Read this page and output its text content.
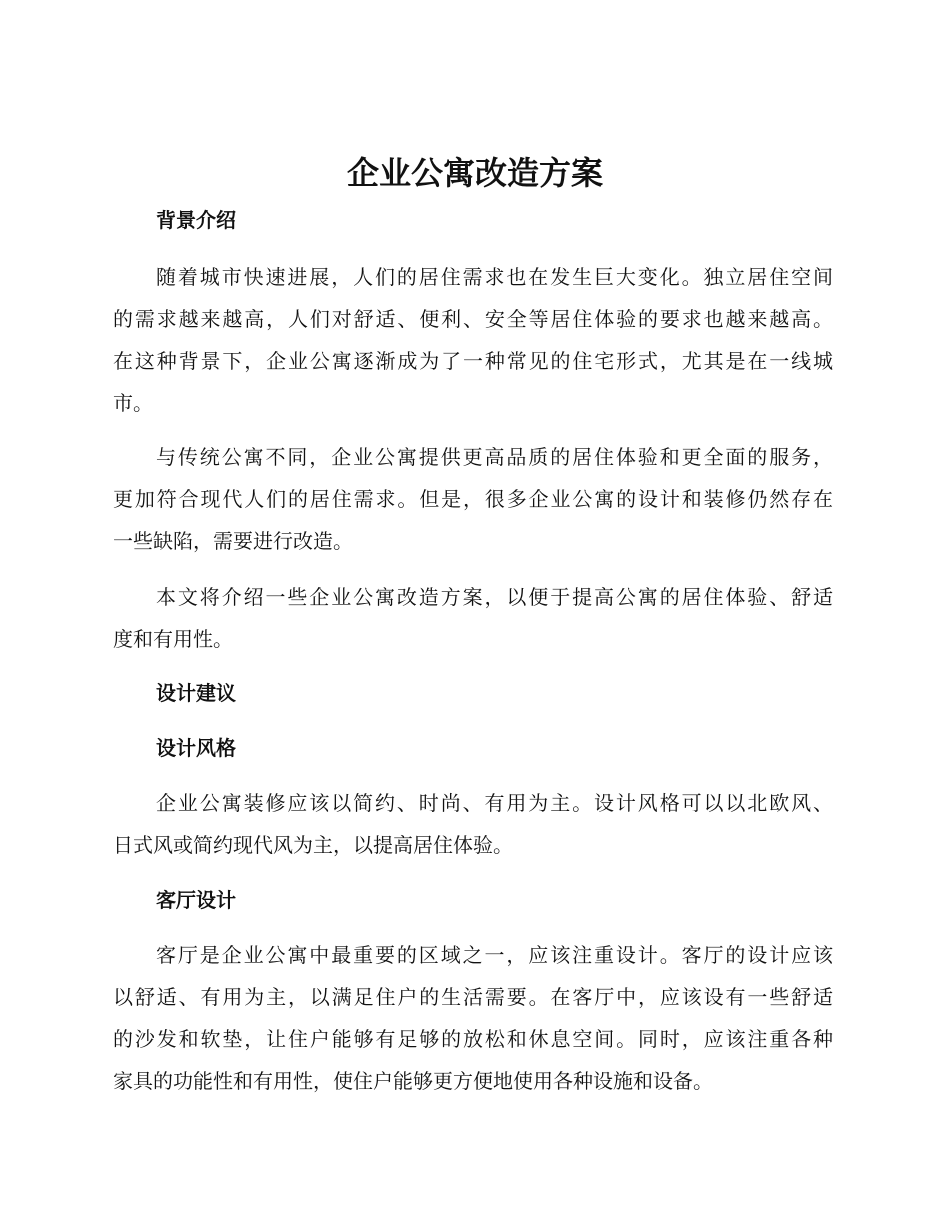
企业公寓改造方案
背景介绍

随着城市快速进展，人们的居住需求也在发生巨大变化。独立居住空间
的需求越来越高，人们对舒适、便利、安全等居住体验的要求也越来越高。
在这种背景下，企业公寓逐渐成为了一种常见的住宅形式，尤其是在一线城
市。

与传统公寓不同，企业公寓提供更高品质的居住体验和更全面的服务，
更加符合现代人们的居住需求。但是，很多企业公寓的设计和装修仍然存在
一些缺陷，需要进行改造。

本文将介绍一些企业公寓改造方案，以便于提高公寓的居住体验、舒适
度和有用性。

设计建议
设计风格

企业公寓装修应该以简约、时尚、有用为主。设计风格可以以北欧风、
日式风或简约现代风为主，以提高居住体验。

客厅设计

客厅是企业公寓中最重要的区域之一，应该注重设计。客厅的设计应该
以舒适、有用为主，以满足住户的生活需要。在客厅中，应该设有一些舒适
的沙发和软垫，让住户能够有足够的放松和休息空间。同时，应该注重各种
家具的功能性和有用性，使住户能够更方便地使用各种设施和设备。
